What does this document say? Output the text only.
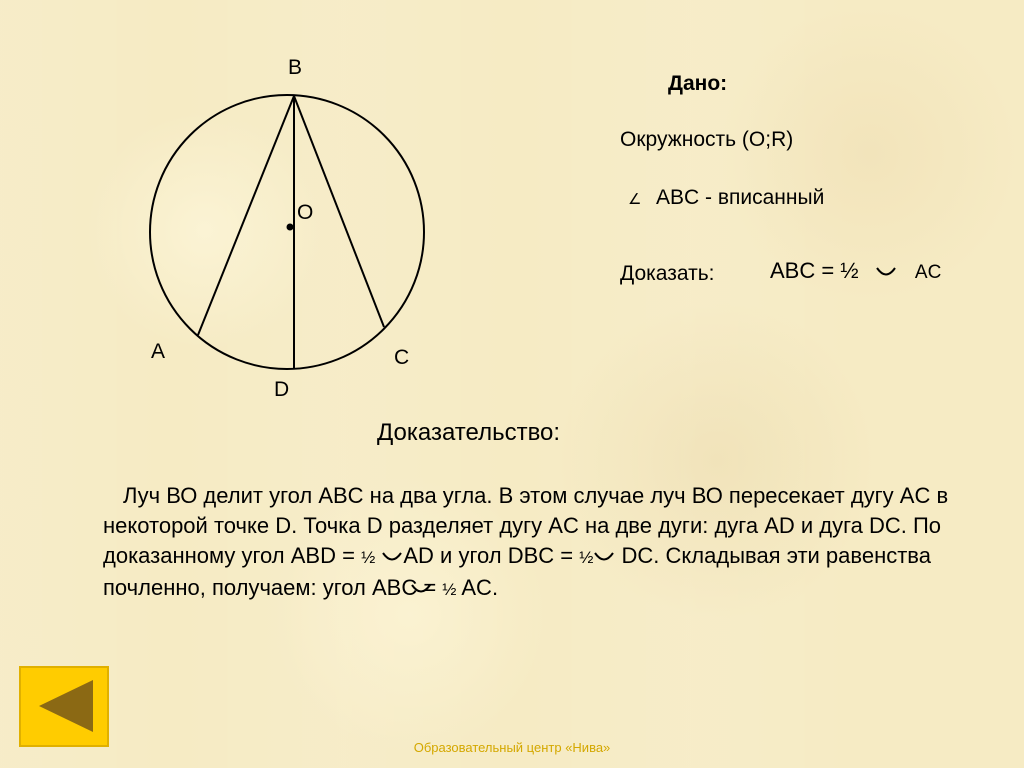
B
O
A	C
D
Дано:
Окружность (O;R)
∠ ABC - вписанный
Доказать:	ABC = ½	AC
Доказательство:

Луч ВО делит угол ABC на два угла. В этом случае луч ВО пересекает дугу AC в некоторой точке D. Точка D разделяет дугу AC на две дуги: дуга AD и дуга DC. По доказанному угол ABD = ½ AD и угол DBC = ½ DC. Складывая эти равенства почленно, получаем: угол ABC = ½ AC.

Образовательный центр «Нива»
